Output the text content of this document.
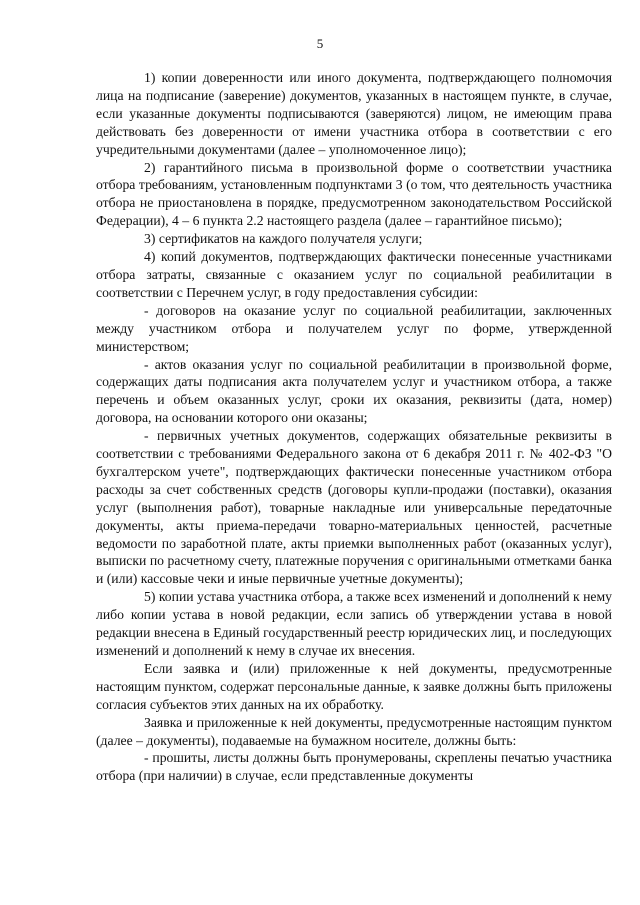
5

1) копии доверенности или иного документа, подтверждающего полномочия лица на подписание (заверение) документов, указанных в настоящем пункте, в случае, если указанные документы подписываются (заверяются) лицом, не имеющим права действовать без доверенности от имени участника отбора в соответствии с его учредительными документами (далее – уполномоченное лицо);

2) гарантийного письма в произвольной форме о соответствии участника отбора требованиям, установленным подпунктами 3 (о том, что деятельность участника отбора не приостановлена в порядке, предусмотренном законодательством Российской Федерации), 4 – 6 пункта 2.2 настоящего раздела (далее – гарантийное письмо);

3) сертификатов на каждого получателя услуги;

4) копий документов, подтверждающих фактически понесенные участниками отбора затраты, связанные с оказанием услуг по социальной реабилитации в соответствии с Перечнем услуг, в году предоставления субсидии:

- договоров на оказание услуг по социальной реабилитации, заключенных между участником отбора и получателем услуг по форме, утвержденной министерством;

- актов оказания услуг по социальной реабилитации в произвольной форме, содержащих даты подписания акта получателем услуг и участником отбора, а также перечень и объем оказанных услуг, сроки их оказания, реквизиты (дата, номер) договора, на основании которого они оказаны;

- первичных учетных документов, содержащих обязательные реквизиты в соответствии с требованиями Федерального закона от 6 декабря 2011 г. № 402-ФЗ "О бухгалтерском учете", подтверждающих фактически понесенные участником отбора расходы за счет собственных средств (договоры купли-продажи (поставки), оказания услуг (выполнения работ), товарные накладные или универсальные передаточные документы, акты приема-передачи товарно-материальных ценностей, расчетные ведомости по заработной плате, акты приемки выполненных работ (оказанных услуг), выписки по расчетному счету, платежные поручения с оригинальными отметками банка и (или) кассовые чеки и иные первичные учетные документы);

5) копии устава участника отбора, а также всех изменений и дополнений к нему либо копии устава в новой редакции, если запись об утверждении устава в новой редакции внесена в Единый государственный реестр юридических лиц, и последующих изменений и дополнений к нему в случае их внесения.

Если заявка и (или) приложенные к ней документы, предусмотренные настоящим пунктом, содержат персональные данные, к заявке должны быть приложены согласия субъектов этих данных на их обработку.

Заявка и приложенные к ней документы, предусмотренные настоящим пунктом (далее – документы), подаваемые на бумажном носителе, должны быть:

- прошиты, листы должны быть пронумерованы, скреплены печатью участника отбора (при наличии) в случае, если представленные документы
